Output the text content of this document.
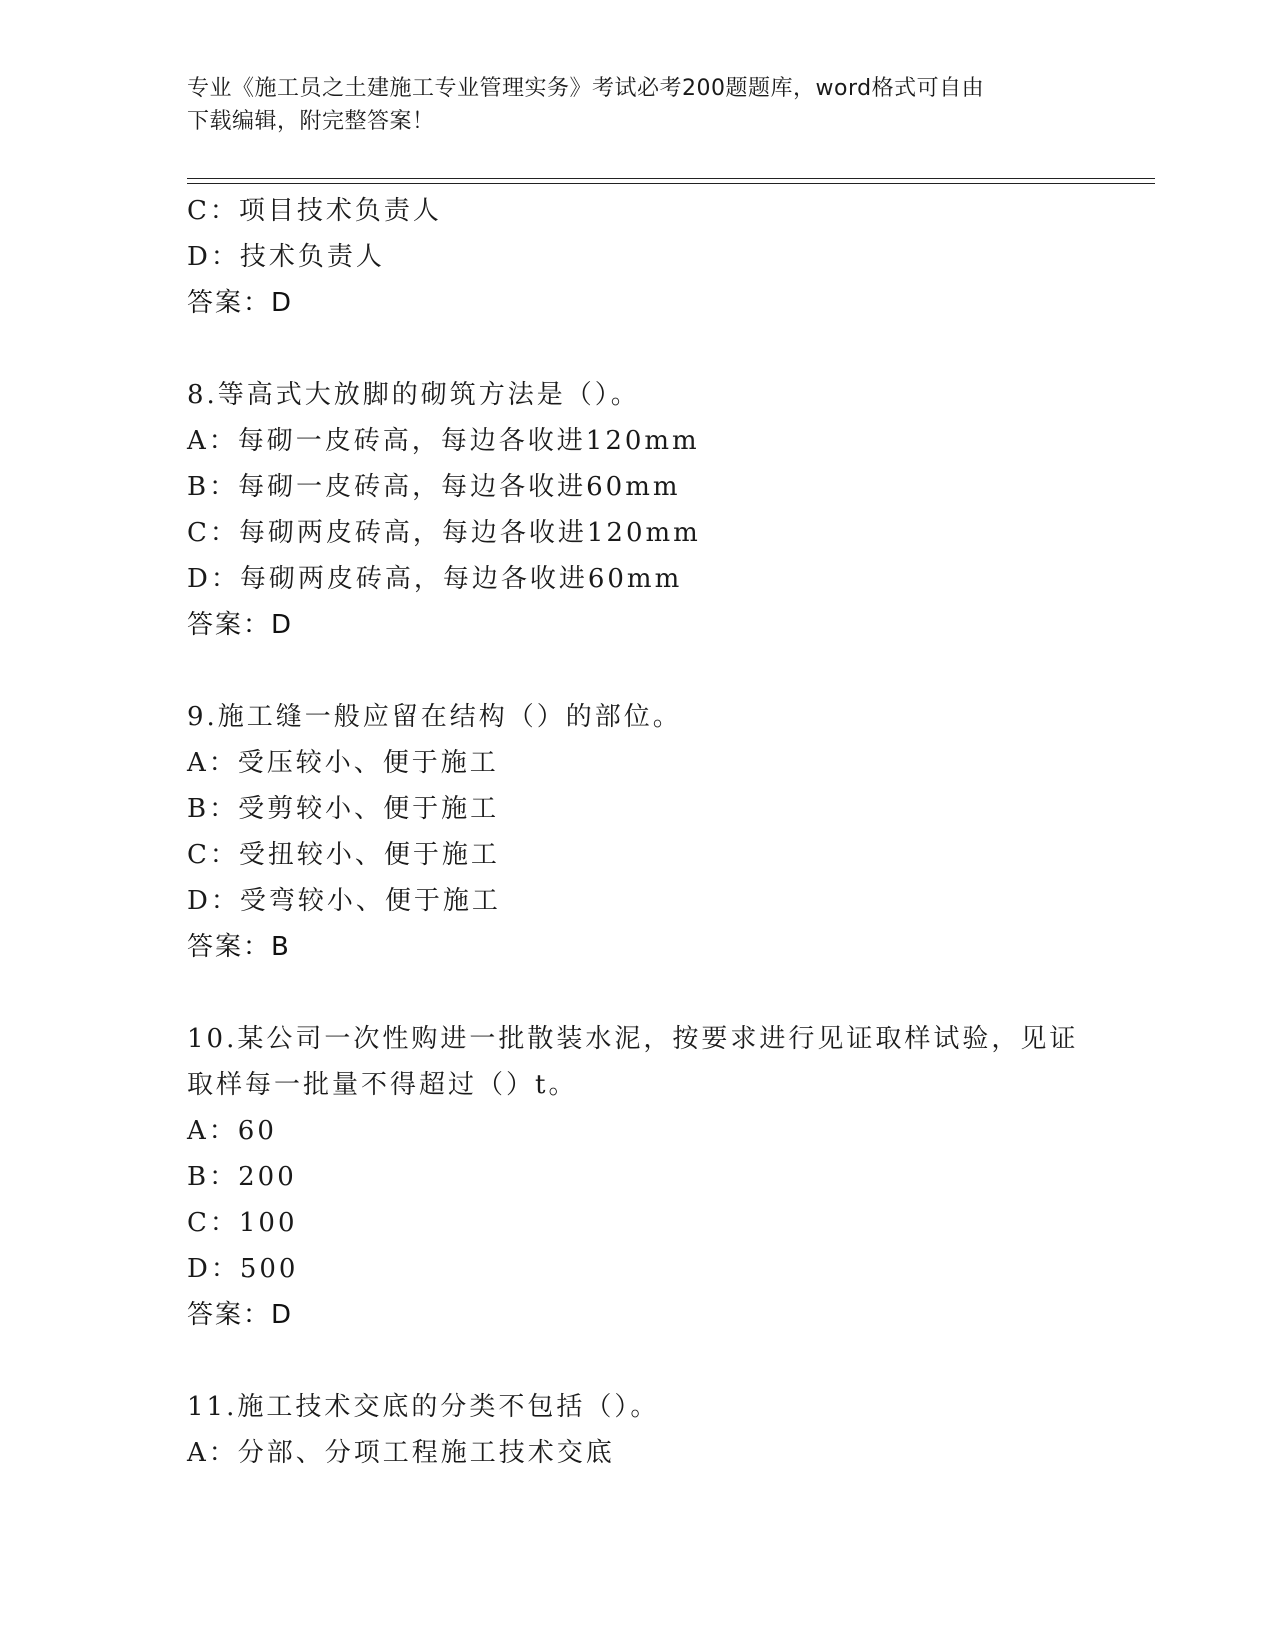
专业《施工员之土建施工专业管理实务》考试必考200题题库，word格式可自由
下载编辑，附完整答案！
C：项目技术负责人
D：技术负责人
答案：D
8.等高式大放脚的砌筑方法是（）。
A：每砌一皮砖高，每边各收进120mm
B：每砌一皮砖高，每边各收进60mm
C：每砌两皮砖高，每边各收进120mm
D：每砌两皮砖高，每边各收进60mm
答案：D
9.施工缝一般应留在结构（）的部位。
A：受压较小、便于施工
B：受剪较小、便于施工
C：受扭较小、便于施工
D：受弯较小、便于施工
答案：B
10.某公司一次性购进一批散装水泥，按要求进行见证取样试验，见证
取样每一批量不得超过（）t。
A：60
B：200
C：100
D：500
答案：D
11.施工技术交底的分类不包括（）。
A：分部、分项工程施工技术交底
